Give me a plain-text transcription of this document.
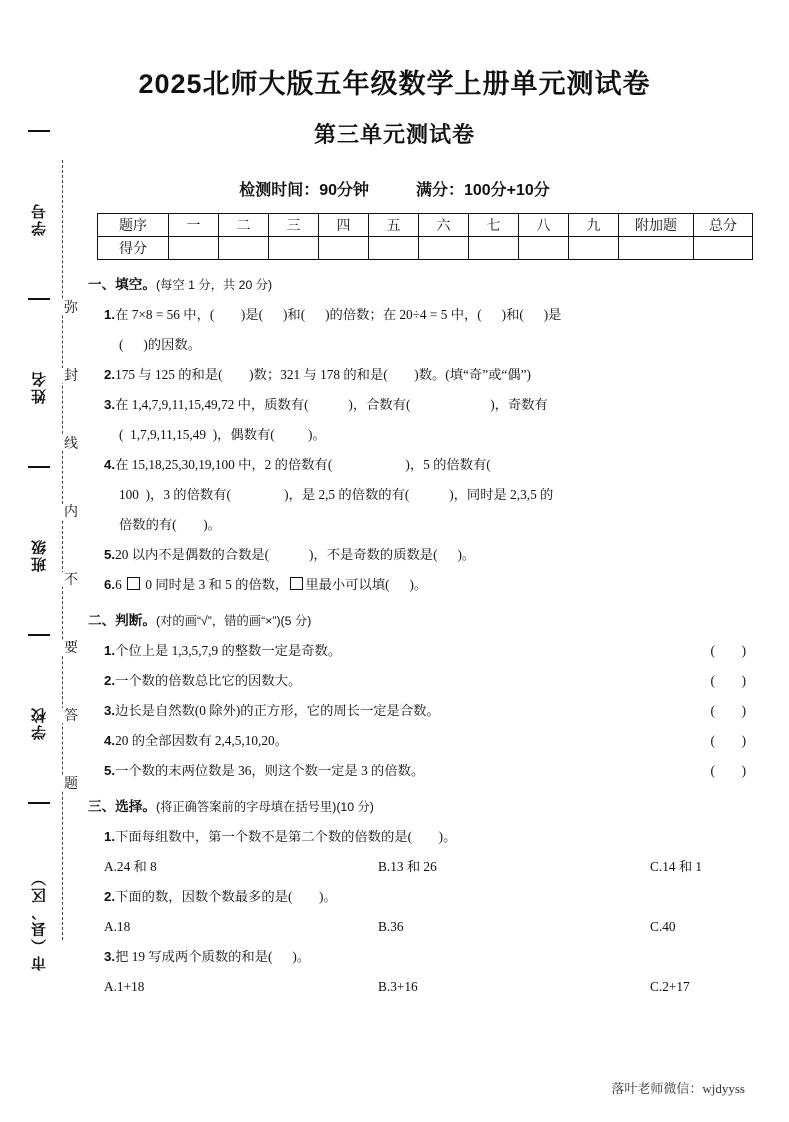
学号
姓名
班级
学校
市（县、区）
弥
封
线
内
不
要
答
题
2025北师大版五年级数学上册单元测试卷
第三单元测试卷
检测时间：90分钟	满分：100分+10分
题序	一	二	三	四	五	六	七	八	九	附加题	总分
得分											
一、填空。(每空 1 分，共 20 分)
1.在 7×8 = 56 中，(        )是(      )和(      )的倍数；在 20÷4 = 5 中，(      )和(      )是
(      )的因数。
2.175 与 125 的和是(        )数；321 与 178 的和是(        )数。(填“奇”或“偶”)
3.在 1,4,7,9,11,15,49,72 中，质数有(            )，合数有(                        )，奇数有
(  1,7,9,11,15,49  )，偶数有(          )。
4.在 15,18,25,30,19,100 中，2 的倍数有(                      )，5 的倍数有(
100  )，3 的倍数有(                )，是 2,5 的倍数的有(            )，同时是 2,3,5 的
倍数的有(        )。
5.20 以内不是偶数的合数是(            )，不是奇数的质数是(      )。
6.6  0 同时是 3 和 5 的倍数， 里最小可以填(      )。
二、判断。(对的画“√”，错的画“×”)(5 分)
1.个位上是 1,3,5,7,9 的整数一定是奇数。	(        )
2.一个数的倍数总比它的因数大。	(        )
3.边长是自然数(0 除外)的正方形，它的周长一定是合数。	(        )
4.20 的全部因数有 2,4,5,10,20。	(        )
5.一个数的末两位数是 36，则这个数一定是 3 的倍数。	(        )
三、选择。(将正确答案前的字母填在括号里)(10 分)
1.下面每组数中，第一个数不是第二个数的倍数的是(        )。
A.24 和 8	B.13 和 26	C.14 和 1
2.下面的数，因数个数最多的是(        )。
A.18	B.36	C.40
3.把 19 写成两个质数的和是(      )。
A.1+18	B.3+16	C.2+17
落叶老师微信：wjdyyss
